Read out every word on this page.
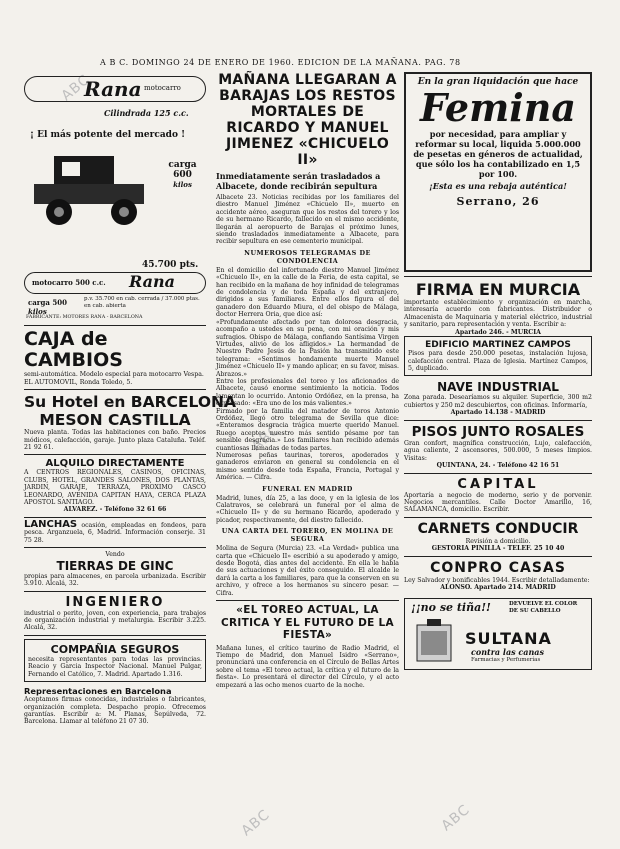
ABC
ABC
ABC
ABC
A B C. DOMINGO 24 DE ENERO DE 1960. EDICION DE LA MAÑANA. PAG. 78
Rana motocarro
Cilindrada 125 c.c.
¡ El más potente del mercado !
carga 600
kilos
45.700 pts.
motocarro 500 c.c. Rana
carga 500
kilos
p.v. 35.700 en cab. cerrada / 37.000 ptas. en cab. abierta
FABRICANTE: MOTORES RANA - BARCELONA
CAJA de CAMBIOS
semi-automática. Modelo especial para motocarro Vespa. EL AUTOMOVIL, Ronda Toledo, 5.
Su Hotel en BARCELONA
MESON CASTILLA
Nueva planta. Todas las habitaciones con baño. Precios módicos, calefacción, garaje. Junto plaza Cataluña. Teléf. 21 92 61.
ALQUILO DIRECTAMENTE
A CENTROS REGIONALES, CASINOS, OFICINAS, CLUBS, HOTEL, GRANDES SALONES, DOS PLANTAS, JARDIN, GARAJE, TERRAZA, PROXIMO CASCO LEONARDO, AVENIDA CAPITAN HAYA, CERCA PLAZA APOSTOL SANTIAGO.
ALVAREZ. - Teléfono 32 61 66
LANCHAS ocasión, empleadas en fondeos, para pesca. Arganzuela, 6, Madrid. Información conserje. 31 75 28.
Vendo
TIERRAS DE GINC
propias para almacenes, en parcela urbanizada. Escribir 3.910. Alcalá, 32.
INGENIERO
industrial o perito, joven, con experiencia, para trabajos de organización industrial y metalurgia. Escribir 3.225. Alcalá, 32.
COMPAÑIA SEGUROS
necesita representantes para todas las provincias. Reacio y Garcia Inspector Nacional. Manuel Pulgar, Fernando el Católico, 7. Madrid. Apartado 1.316.
Representaciones en Barcelona
Aceptamos firmas conocidas, industriales o fabricantes, organización completa. Despacho propio. Ofrecemos garantías. Escribir a: M. Planas, Sepúlveda, 72. Barcelona. Llamar al teléfono 21 07 30.
MAÑANA LLEGARAN A BARAJAS LOS RESTOS MORTALES DE RICARDO Y MANUEL JIMENEZ «CHICUELO II»
Inmediatamente serán trasladados a Albacete, donde recibirán sepultura
Albacete 23. Noticias recibidas por los familiares del diestro Manuel Jiménez «Chicuelo II», muerto en accidente aéreo, aseguran que los restos del torero y los de su hermano Ricardo, fallecido en el mismo accidente, llegarán al aeropuerto de Barajas el próximo lunes, siendo trasladados inmediatamente a Albacete, para recibir sepultura en ese cementerio municipal.
NUMEROSOS TELEGRAMAS DE CONDOLENCIA
En el domicilio del infortunado diestro Manuel Jiménez «Chicuelo II», en la calle de la Feria, de esta capital, se han recibido en la mañana de hoy infinidad de telegramas de condolencia y de toda España y del extranjero, dirigidos a sus familiares. Entre ellos figura el del ganadero don Eduardo Miura, el del obispo de Málaga, doctor Herrera Oria, que dice así:
«Profundamente afectado por tan dolorosa desgracia, acompaño a ustedes en su pena, con mi oración y mis sufragios. Obispo de Málaga, confiando Santísima Virgen Virtudes, alivio de los afligidos.» La hermandad de Nuestro Padre Jesús de la Pasión ha transmitido este telegrama: «Sentimos hondamente muerte Manuel Jiménez «Chicuelo II» y mando aplicar, en su favor, misas. Abrazos.»
Entre los profesionales del toreo y los aficionados de Albacete, causó enorme sentimiento la noticia. Todos lamentan lo ocurrido. Antonio Ordóñez, en la prensa, ha expresado: «Era uno de los más valientes.»
Firmado por la familia del matador de toros Antonio Ordóñez, llegó otro telegrama de Sevilla que dice: «Enteramos desgracia trágica muerte querido Manuel. Ruego aceptes nuestro más sentido pésame por tan sensible desgracia.» Los familiares han recibido además cuantiosas llamadas de todas partes.
Numerosas peñas taurinas, toreros, apoderados y ganaderos enviaron en general su condolencia en el mismo sentido desde toda España, Francia, Portugal y América. — Cifra.
FUNERAL EN MADRID
Madrid, lunes, día 25, a las doce, y en la iglesia de los Calatravos, se celebrará un funeral por el alma de «Chicuelo II» y de su hermano Ricardo, apoderado y picador, respectivamente, del diestro fallecido.
UNA CARTA DEL TORERO, EN MOLINA DE SEGURA
Molina de Segura (Murcia) 23. «La Verdad» publica una carta que «Chicuelo II» escribió a su apoderado y amigo, desde Bogotá, días antes del accidente. En ella le habla de sus actuaciones y del éxito conseguido. El alcalde le dará la carta a los familiares, para que la conserven en su archivo, y ofrece a los hermanos su sincero pesar. — Cifra.
«EL TOREO ACTUAL, LA CRITICA Y EL FUTURO DE LA FIESTA»
Mañana lunes, el crítico taurino de Radio Madrid, el Tiempo de Madrid, don Manuel Isidro «Serrano», pronunciará una conferencia en el Círculo de Bellas Artes sobre el tema «El toreo actual, la crítica y el futuro de la fiesta». Lo presentará el director del Círculo, y el acto empezará a las ocho menos cuarto de la noche.
En la gran liquidación que hace
Femina
por necesidad, para ampliar y reformar su local, liquida 5.000.000 de pesetas en géneros de actualidad, que sólo los ha contabilizado en 1,5 por 100.
¡Esta es una rebaja auténtica!
Serrano, 26
FIRMA EN MURCIA
importante establecimiento y organización en marcha, interesaría acuerdo con fabricantes. Distribuidor o Almacenista de Maquinaria y material eléctrico, industrial y sanitario, para representación y venta. Escribir a:
Apartado 246. - MURCIA
EDIFICIO MARTINEZ CAMPOS
Pisos para desde 250.000 pesetas, instalación lujosa, calefacción central. Plaza de Iglesia. Martínez Campos, 5, duplicado.
NAVE INDUSTRIAL
Zona parada. Desearíamos su alquiler. Superficie, 300 m2 cubiertos y 250 m2 descubiertos, con oficinas. Informaría,
Apartado 14.138 - MADRID
PISOS JUNTO ROSALES
Gran confort, magnífica construcción, Lujo, calefacción, agua caliente, 2 ascensores, 500.000, 5 meses limpios. Visitas:
QUINTANA, 24. - Teléfono 42 16 51
CAPITAL
Aportaría a negocio de moderno, serio y de porvenir. Negocios mercantiles. Calle Doctor Amarillo, 16, SALAMANCA, domicilio. Escribir.
CARNETS CONDUCIR
Revisión a domicilio.
GESTORIA PINILLA - TELEF. 25 10 40
CONPRO CASAS
Ley Salvador y bonificables 1944. Escribir detalladamente:
ALONSO. Apartado 214. MADRID
¡¡no se tiña!!	DEVUELVE EL COLOR DE SU CABELLO
SULTANA
contra las canas
Farmacias y Perfumerías
